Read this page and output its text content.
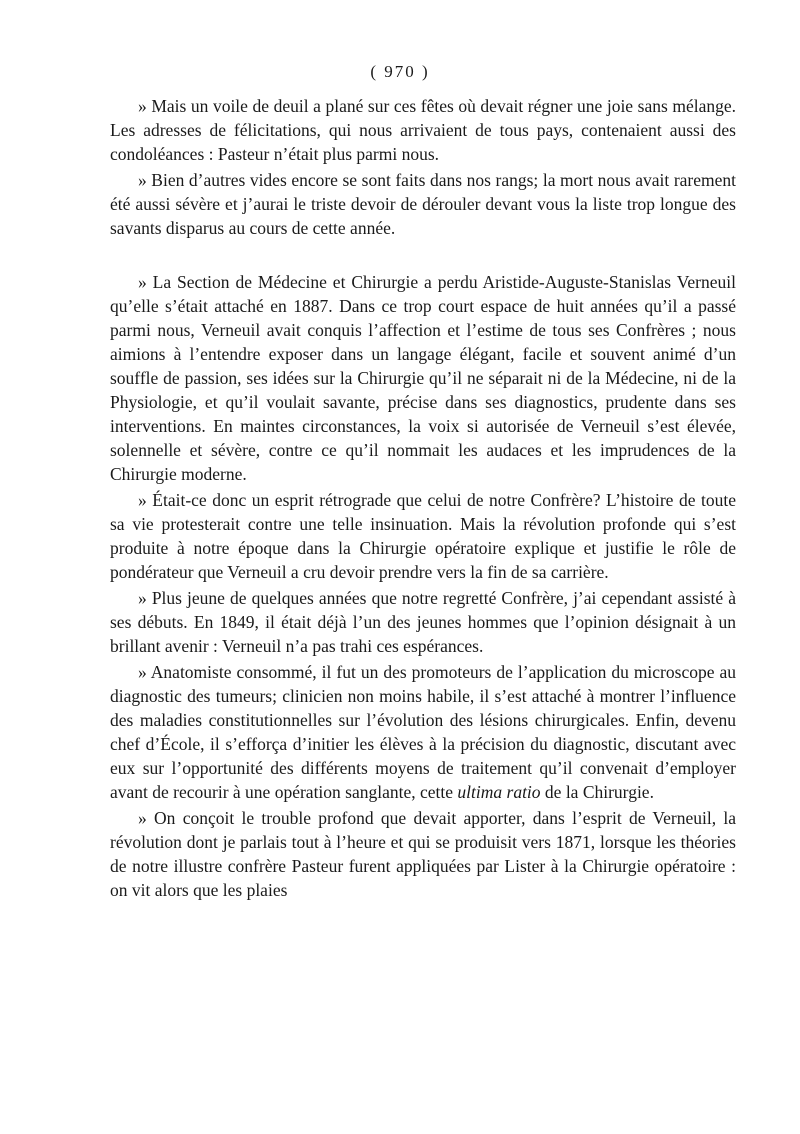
( 970 )

» Mais un voile de deuil a plané sur ces fêtes où devait régner une joie sans mélange. Les adresses de félicitations, qui nous arrivaient de tous pays, contenaient aussi des condoléances : Pasteur n’était plus parmi nous.

» Bien d’autres vides encore se sont faits dans nos rangs; la mort nous avait rarement été aussi sévère et j’aurai le triste devoir de dérouler devant vous la liste trop longue des savants disparus au cours de cette année.

» La Section de Médecine et Chirurgie a perdu Aristide-Auguste-Stanislas Verneuil qu’elle s’était attaché en 1887. Dans ce trop court espace de huit années qu’il a passé parmi nous, Verneuil avait conquis l’affection et l’estime de tous ses Confrères ; nous aimions à l’entendre exposer dans un langage élégant, facile et souvent animé d’un souffle de passion, ses idées sur la Chirurgie qu’il ne séparait ni de la Médecine, ni de la Physiologie, et qu’il voulait savante, précise dans ses diagnostics, prudente dans ses interventions. En maintes circonstances, la voix si autorisée de Verneuil s’est élevée, solennelle et sévère, contre ce qu’il nommait les audaces et les imprudences de la Chirurgie moderne.

» Était-ce donc un esprit rétrograde que celui de notre Confrère? L’histoire de toute sa vie protesterait contre une telle insinuation. Mais la révolution profonde qui s’est produite à notre époque dans la Chirurgie opératoire explique et justifie le rôle de pondérateur que Verneuil a cru devoir prendre vers la fin de sa carrière.

» Plus jeune de quelques années que notre regretté Confrère, j’ai cependant assisté à ses débuts. En 1849, il était déjà l’un des jeunes hommes que l’opinion désignait à un brillant avenir : Verneuil n’a pas trahi ces espérances.

» Anatomiste consommé, il fut un des promoteurs de l’application du microscope au diagnostic des tumeurs; clinicien non moins habile, il s’est attaché à montrer l’influence des maladies constitutionnelles sur l’évolution des lésions chirurgicales. Enfin, devenu chef d’École, il s’efforça d’initier les élèves à la précision du diagnostic, discutant avec eux sur l’opportunité des différents moyens de traitement qu’il convenait d’employer avant de recourir à une opération sanglante, cette ultima ratio de la Chirurgie.

» On conçoit le trouble profond que devait apporter, dans l’esprit de Verneuil, la révolution dont je parlais tout à l’heure et qui se produisit vers 1871, lorsque les théories de notre illustre confrère Pasteur furent appliquées par Lister à la Chirurgie opératoire : on vit alors que les plaies
